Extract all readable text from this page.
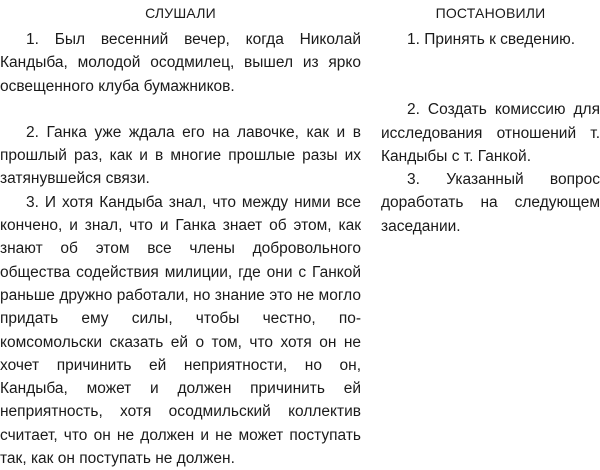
СЛУШАЛИ

1. Был весенний вечер, когда Николай Кандыба, молодой осодмилец, вышел из ярко освещенного клуба бумажников.

2. Ганка уже ждала его на лавочке, как и в прошлый раз, как и в многие прошлые разы их затянувшейся связи.

3. И хотя Кандыба знал, что между ними все кончено, и знал, что и Ганка знает об этом, как знают об этом все члены добровольного общества содействия милиции, где они с Ганкой раньше дружно работали, но знание это не могло придать ему силы, чтобы честно, по-комсомольски сказать ей о том, что хотя он не хочет причинить ей неприятности, но он, Кандыба, может и должен причинить ей неприятность, хотя осодмильский коллектив считает, что он не должен и не может поступать так, как он поступать не должен.

ПОСТАНОВИЛИ

1. Принять к сведению.

2. Создать комиссию для исследования отношений т. Кандыбы с т. Ганкой.

3. Указанный вопрос доработать на следующем заседании.
